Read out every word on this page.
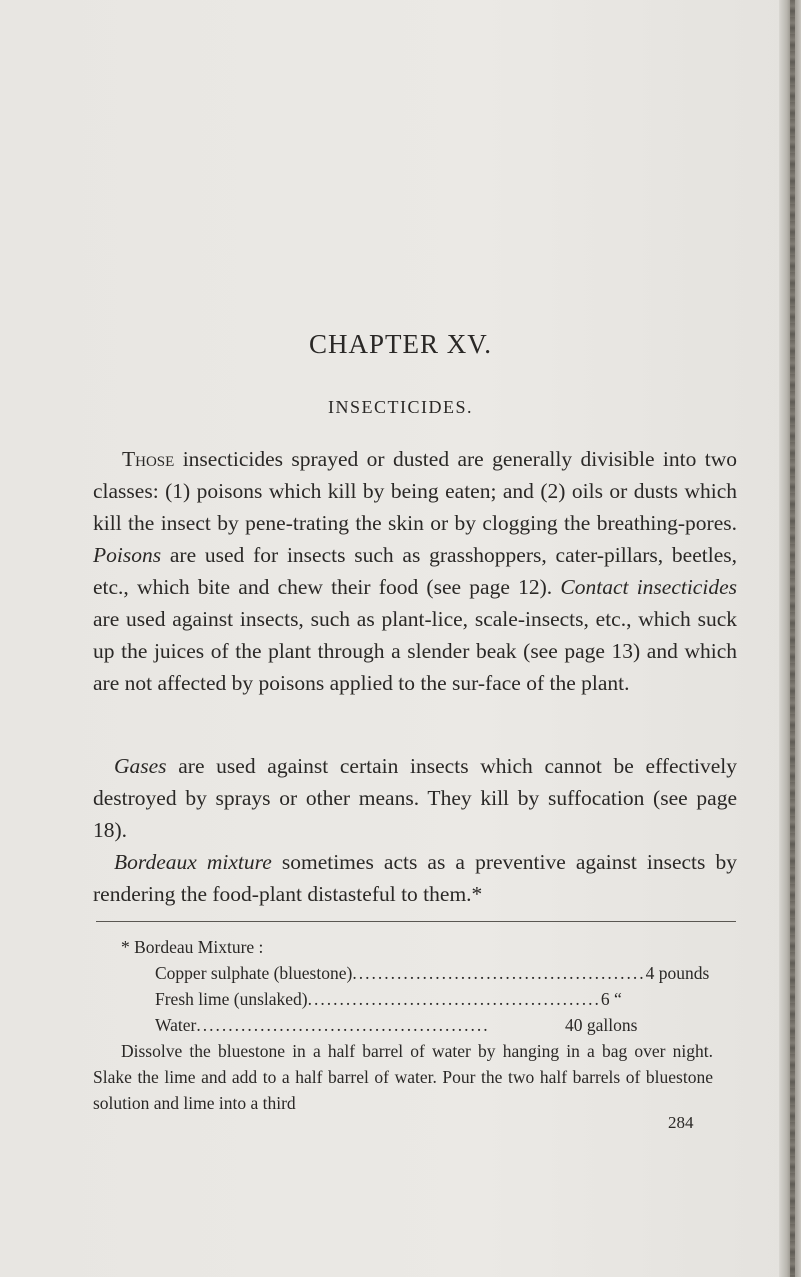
CHAPTER XV.
INSECTICIDES.

Those insecticides sprayed or dusted are generally divisible into two classes: (1) poisons which kill by being eaten; and (2) oils or dusts which kill the insect by pene-trating the skin or by clogging the breathing-pores. Poisons are used for insects such as grasshoppers, cater-pillars, beetles, etc., which bite and chew their food (see page 12). Contact insecticides are used against insects, such as plant-lice, scale-insects, etc., which suck up the juices of the plant through a slender beak (see page 13) and which are not affected by poisons applied to the sur-face of the plant.

Gases are used against certain insects which cannot be effectively destroyed by sprays or other means. They kill by suffocation (see page 18).

Bordeaux mixture sometimes acts as a preventive against insects by rendering the food-plant distasteful to them.*

* Bordeau Mixture :
Copper sulphate (bluestone) .............................................. 4 pounds
Fresh lime (unslaked) .............................................. 6 “
Water ..............................................	40 gallons

Dissolve the bluestone in a half barrel of water by hanging in a bag over night. Slake the lime and add to a half barrel of water. Pour the two half barrels of bluestone solution and lime into a third

284
